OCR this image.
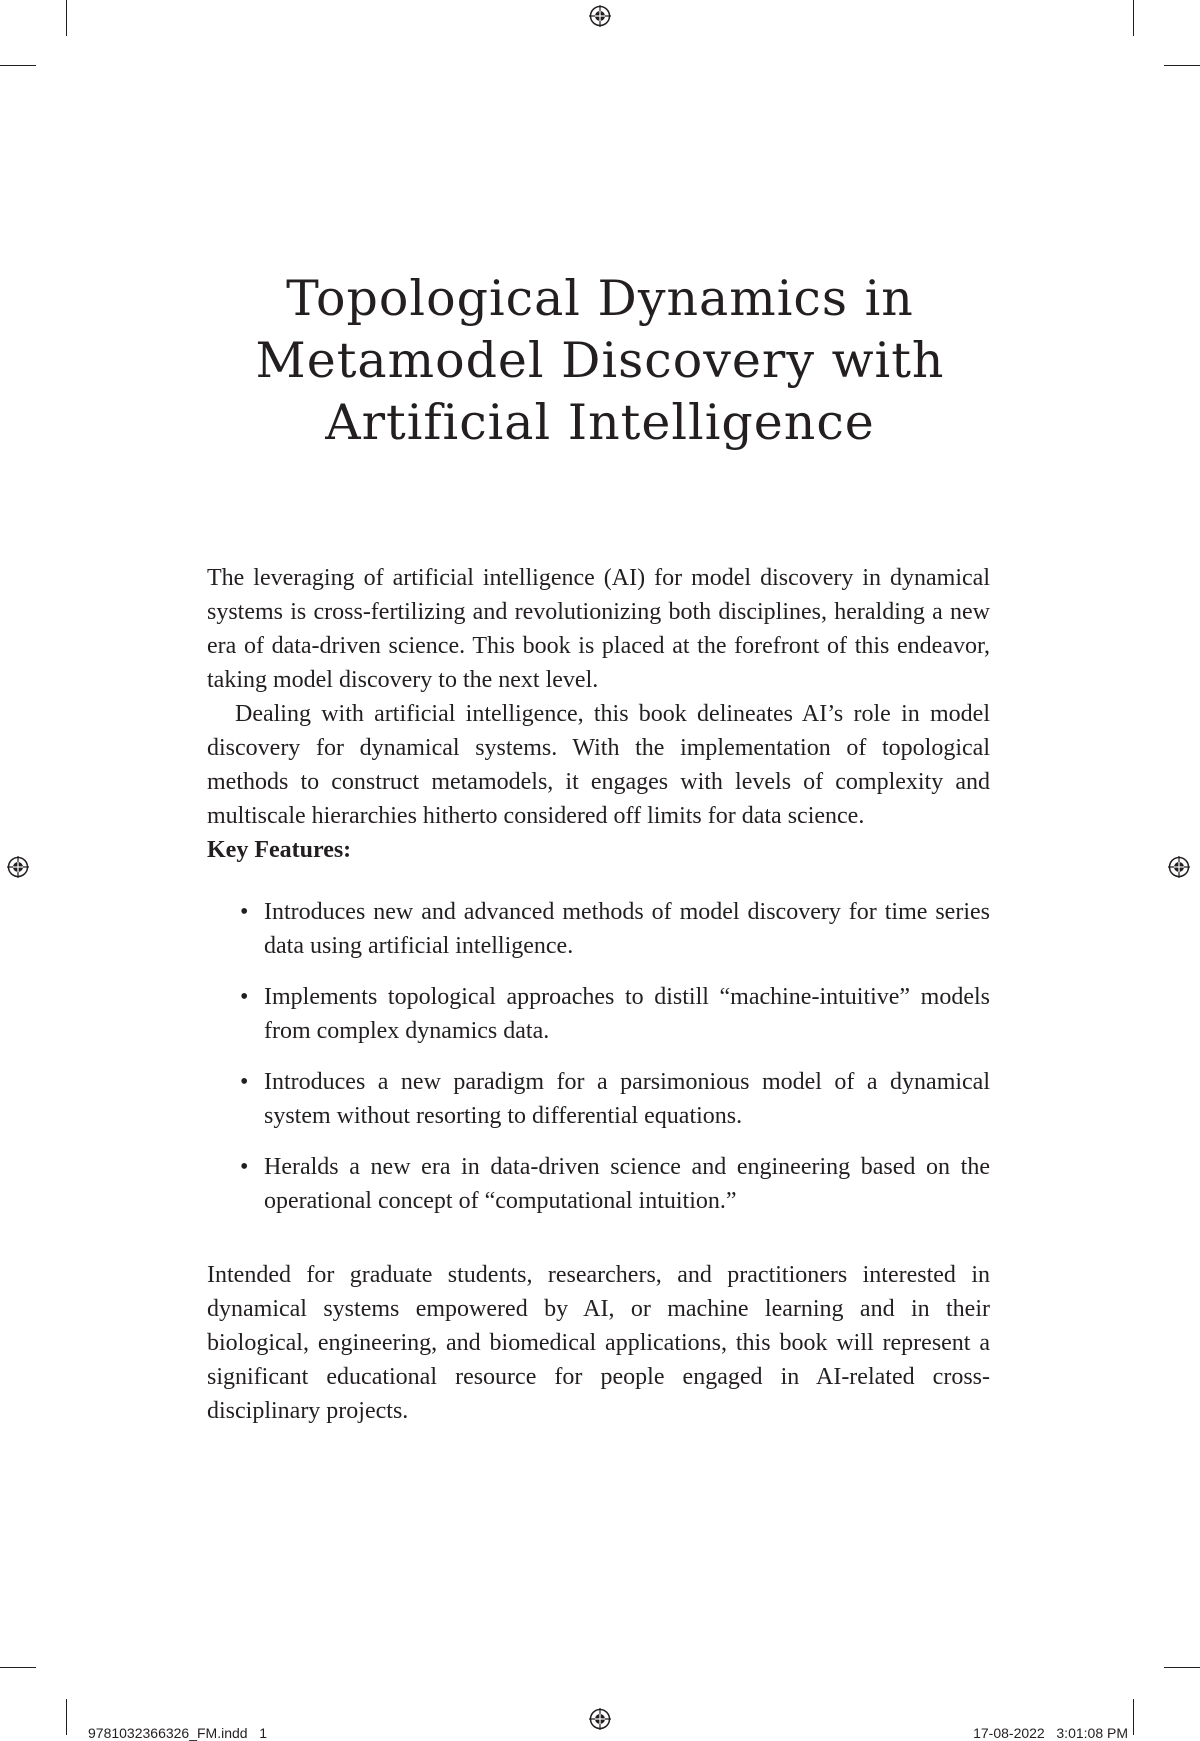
Topological Dynamics in
Metamodel Discovery with
Artificial Intelligence

The leveraging of artificial intelligence (AI) for model discovery in dynamical systems is cross-fertilizing and revolutionizing both disciplines, heralding a new era of data-driven science. This book is placed at the forefront of this endeavor, taking model discovery to the next level.

Dealing with artificial intelligence, this book delineates AI’s role in model discovery for dynamical systems. With the implementation of topological methods to construct metamodels, it engages with levels of complexity and multiscale hierarchies hitherto considered off limits for data science.

Key Features:

• Introduces new and advanced methods of model discovery for time series data using artificial intelligence.
• Implements topological approaches to distill “machine-intuitive” models from complex dynamics data.
• Introduces a new paradigm for a parsimonious model of a dynamical system without resorting to differential equations.
• Heralds a new era in data-driven science and engineering based on the operational concept of “computational intuition.”

Intended for graduate students, researchers, and practitioners interested in dynamical systems empowered by AI, or machine learning and in their biological, engineering, and biomedical applications, this book will represent a significant educational resource for people engaged in AI-related cross-disciplinary projects.

9781032366326_FM.indd   1	17-08-2022   3:01:08 PM
